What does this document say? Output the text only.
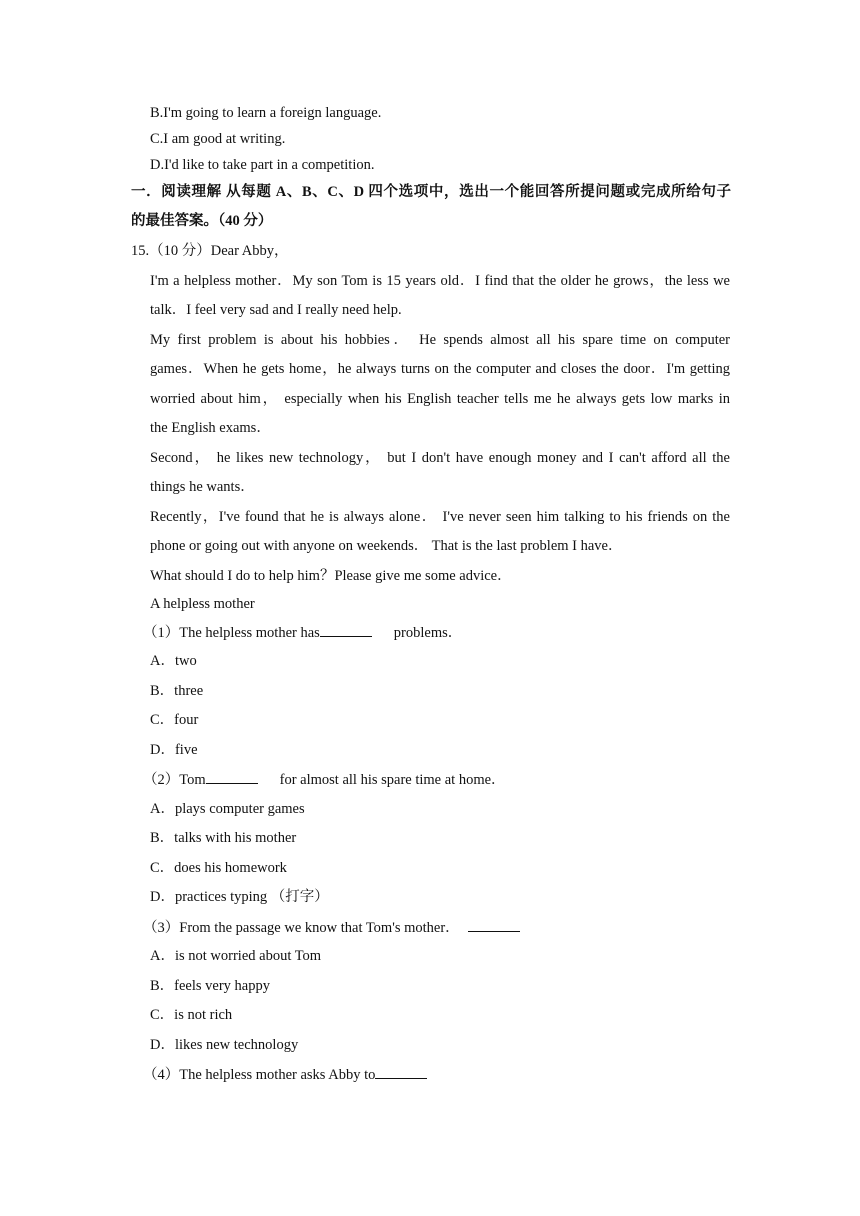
B.I'm going to learn a foreign language.
C.I am good at writing.
D.I'd like to take part in a competition.
一．阅读理解 从每题 A、B、C、D 四个选项中，选出一个能回答所提问题或完成所给句子
的最佳答案。（40 分）
15.（10 分）Dear Abby，
I'm a helpless mother．My son Tom is 15 years old．I find that the older he grows，the less we
talk．I feel very sad and I really need help.
My first problem is about his hobbies． He spends almost all his spare time on computer
games．When he gets home，he always turns on the computer and closes the door．I'm getting
worried about him， especially when his English teacher tells me he always gets low marks in
the English exams．
Second， he likes new technology， but I don't have enough money and I can't afford all the
things he wants．
Recently，I've found that he is always alone． I've never seen him talking to his friends on the
phone or going out with anyone on weekends． That is the last problem I have．
What should I do to help him？Please give me some advice．
A helpless mother
（1）The helpless mother has	problems．
A．two
B．three
C．four
D．five
（2）Tom	for almost all his spare time at home．
A．plays computer games
B．talks with his mother
C．does his homework
D．practices typing （打字）
（3）From the passage we know that Tom's mother．
A．is not worried about Tom
B．feels very happy
C．is not rich
D．likes new technology
（4）The helpless mother asks Abby to
